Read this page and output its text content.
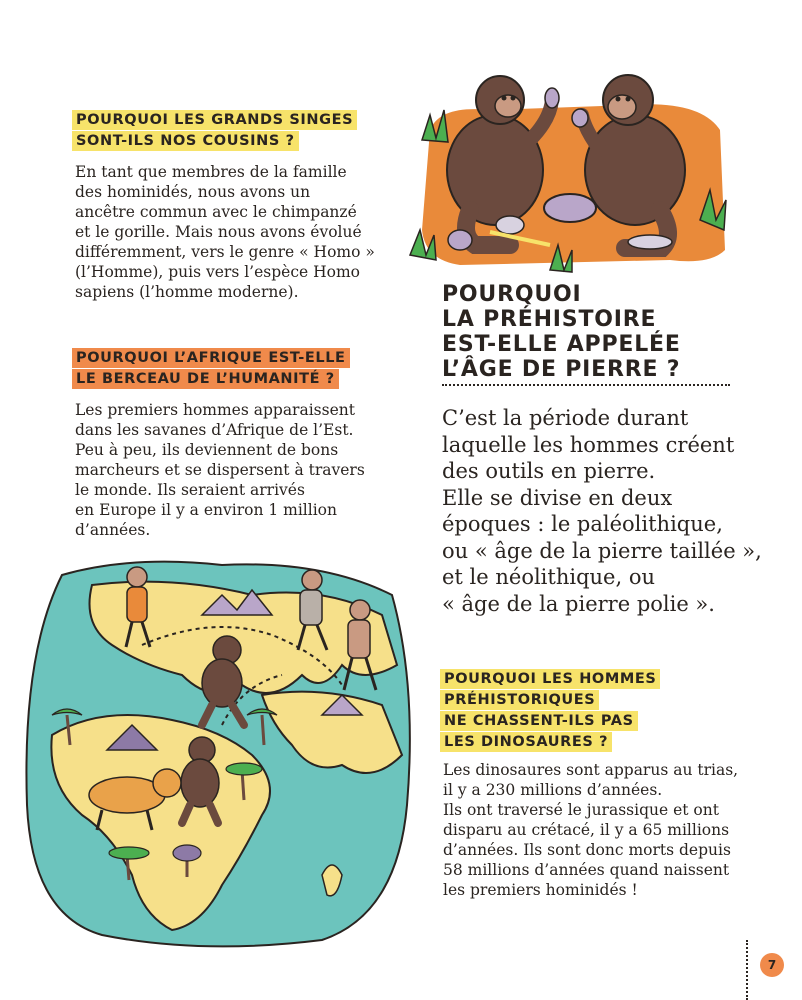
POURQUOI LES GRANDS SINGES
SONT-ILS NOS COUSINS ?

En tant que membres de la famille
des hominidés, nous avons un
ancêtre commun avec le chimpanzé
et le gorille. Mais nous avons évolué
différemment, vers le genre « Homo »
(l’Homme), puis vers l’espèce Homo
sapiens (l’homme moderne).

POURQUOI L’AFRIQUE EST-ELLE
LE BERCEAU DE L’HUMANITÉ ?

Les premiers hommes apparaissent
dans les savanes d’Afrique de l’Est.
Peu à peu, ils deviennent de bons
marcheurs et se dispersent à travers
le monde. Ils seraient arrivés
en Europe il y a environ 1 million
d’années.

POURQUOI
LA PRÉHISTOIRE
EST-ELLE APPELÉE
L’ÂGE DE PIERRE ?

C’est la période durant
laquelle les hommes créent
des outils en pierre.
Elle se divise en deux
époques : le paléolithique,
ou « âge de la pierre taillée »,
et le néolithique, ou
« âge de la pierre polie ».

POURQUOI LES HOMMES
PRÉHISTORIQUES
NE CHASSENT-ILS PAS
LES DINOSAURES ?

Les dinosaures sont apparus au trias,
il y a 230 millions d’années.
Ils ont traversé le jurassique et ont
disparu au crétacé, il y a 65 millions
d’années. Ils sont donc morts depuis
58 millions d’années quand naissent
les premiers hominidés !

7
